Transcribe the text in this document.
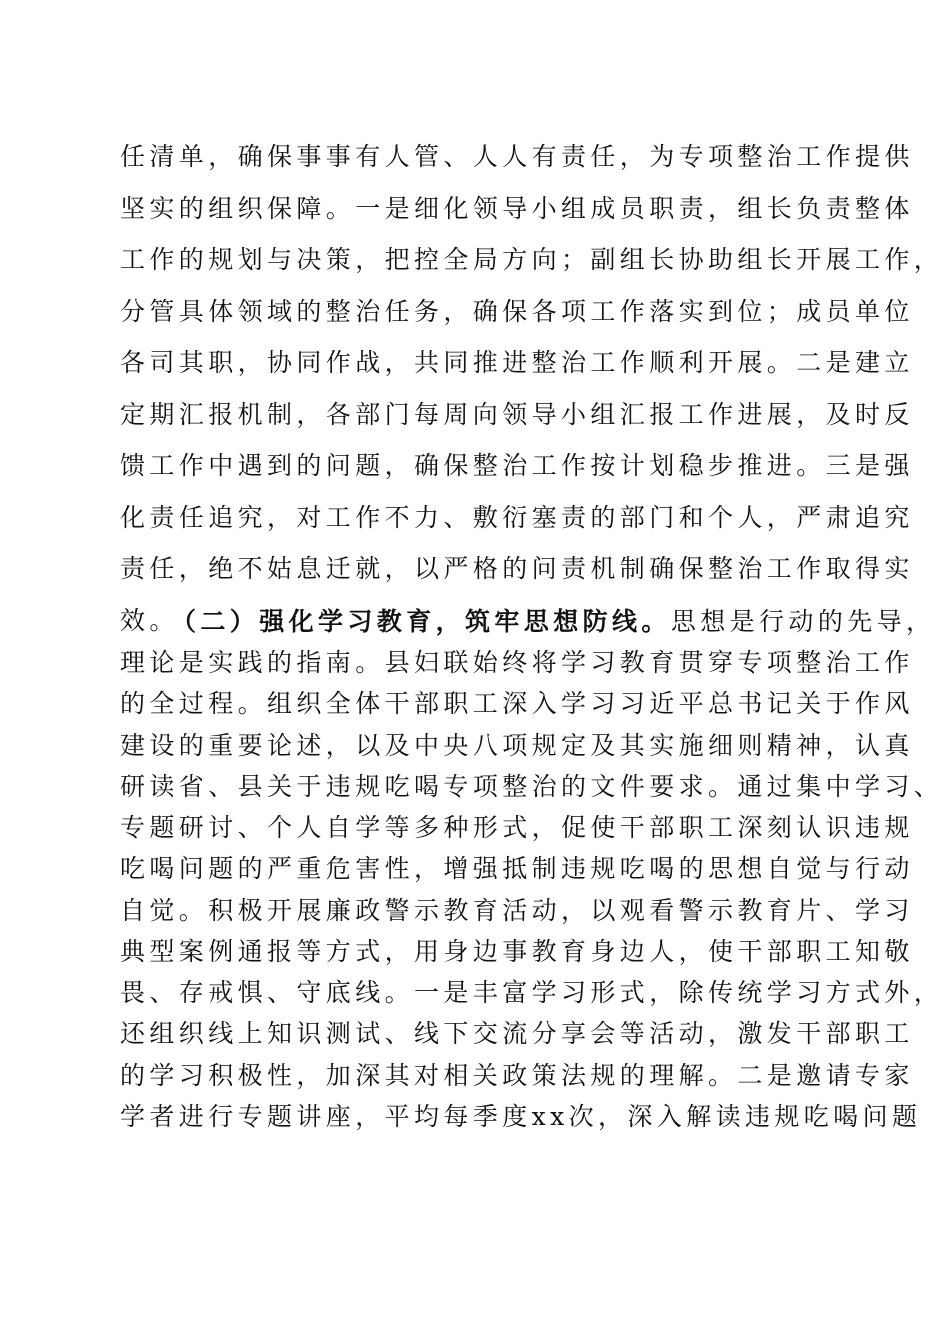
任清单，确保事事有人管、人人有责任，为专项整治工作提供
坚实的组织保障。一是细化领导小组成员职责，组长负责整体
工作的规划与决策，把控全局方向；副组长协助组长开展工作，
分管具体领域的整治任务，确保各项工作落实到位；成员单位
各司其职，协同作战，共同推进整治工作顺利开展。二是建立
定期汇报机制，各部门每周向领导小组汇报工作进展，及时反
馈工作中遇到的问题，确保整治工作按计划稳步推进。三是强
化责任追究，对工作不力、敷衍塞责的部门和个人，严肃追究
责任，绝不姑息迁就，以严格的问责机制确保整治工作取得实
效。
（二）强化学习教育，筑牢思想防线。思想是行动的先导，
理论是实践的指南。县妇联始终将学习教育贯穿专项整治工作
的全过程。组织全体干部职工深入学习习近平总书记关于作风
建设的重要论述，以及中央八项规定及其实施细则精神，认真
研读省、县关于违规吃喝专项整治的文件要求。通过集中学习、
专题研讨、个人自学等多种形式，促使干部职工深刻认识违规
吃喝问题的严重危害性，增强抵制违规吃喝的思想自觉与行动
自觉。积极开展廉政警示教育活动，以观看警示教育片、学习
典型案例通报等方式，用身边事教育身边人，使干部职工知敬
畏、存戒惧、守底线。一是丰富学习形式，除传统学习方式外，
还组织线上知识测试、线下交流分享会等活动，激发干部职工
的学习积极性，加深其对相关政策法规的理解。二是邀请专家
学者进行专题讲座，平均每季度xx次，深入解读违规吃喝问题
